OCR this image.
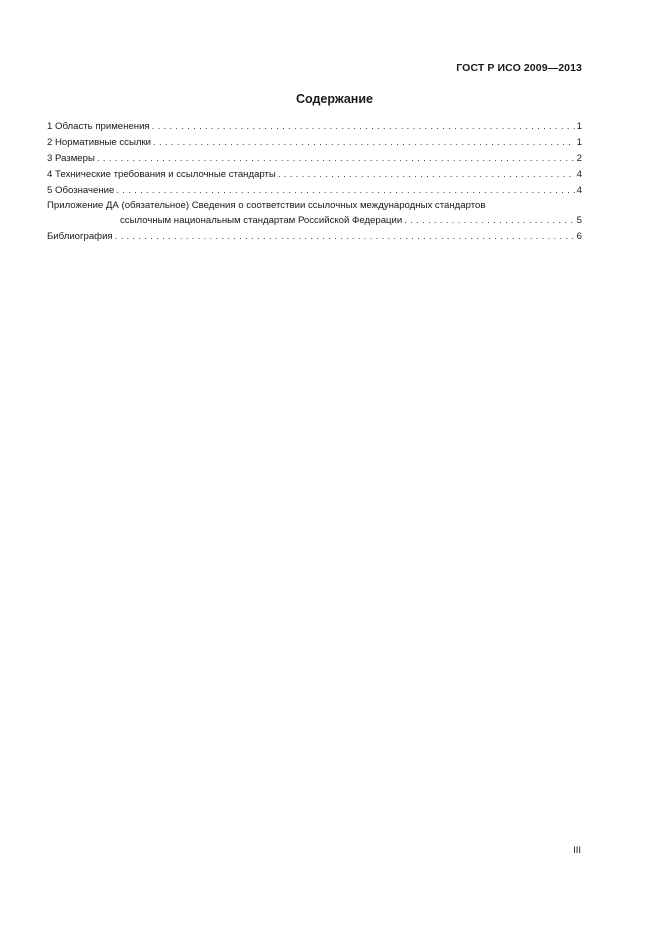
ГОСТ Р ИСО 2009—2013
Содержание
1 Область применения . . .	1
2 Нормативные ссылки . . .	1
3 Размеры . . .	2
4 Технические требования и ссылочные стандарты . . .	4
5 Обозначение . . .	4
Приложение ДА (обязательное) Сведения о соответствии ссылочных международных стандартов
ссылочным национальным стандартам Российской Федерации . . .	5
Библиография . . .	6
III
